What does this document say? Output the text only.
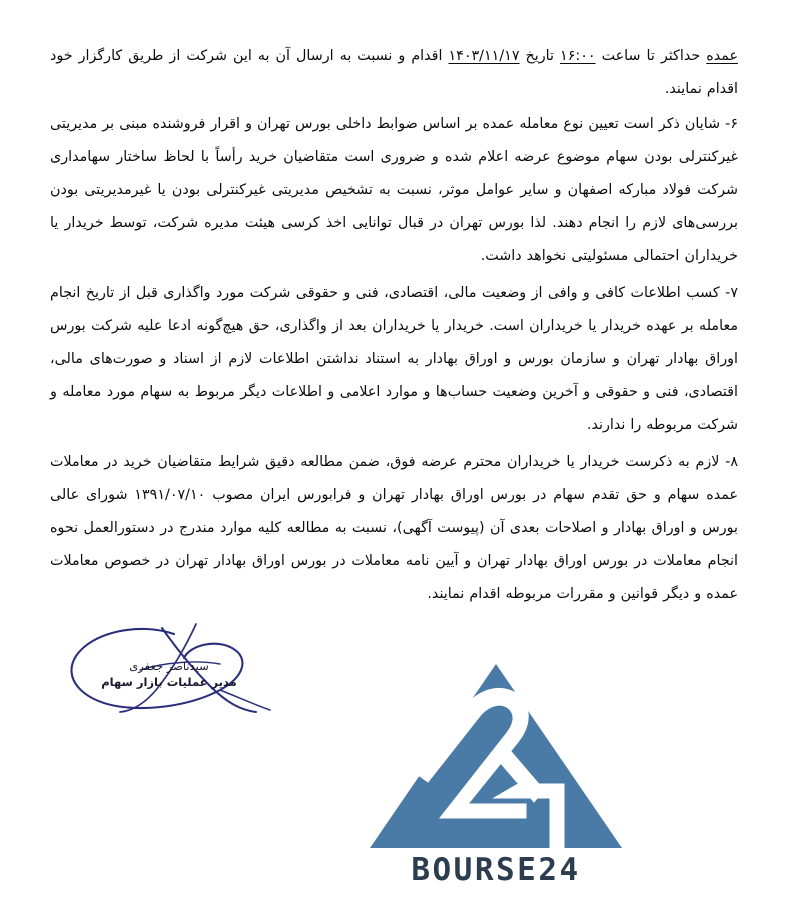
عمده حداکثر تا ساعت ۱۶:۰۰ تاریخ ۱۴۰۳/۱۱/۱۷ اقدام و نسبت به ارسال آن به این شرکت از طریق کارگزار خود اقدام نمایند.

۶- شایان ذکر است تعیین نوع معامله عمده بر اساس ضوابط داخلی بورس تهران و اقرار فروشنده مبنی بر مدیریتی غیرکنترلی بودن سهام موضوع عرضه اعلام شده و ضروری است متقاضیان خرید رأساً با لحاظ ساختار سهامداری شرکت فولاد مبارکه اصفهان و سایر عوامل موثر، نسبت به تشخیص مدیریتی غیرکنترلی بودن یا غیرمدیریتی بودن بررسی‌های لازم را انجام دهند. لذا بورس تهران در قبال توانایی اخذ کرسی هیئت مدیره شرکت، توسط خریدار یا خریداران احتمالی مسئولیتی نخواهد داشت.

۷- کسب اطلاعات کافی و وافی از وضعیت مالی، اقتصادی، فنی و حقوقی شرکت مورد واگذاری قبل از تاریخ انجام معامله بر عهده خریدار یا خریداران است. خریدار یا خریداران بعد از واگذاری، حق هیچ‌گونه ادعا علیه شرکت بورس اوراق بهادار تهران و سازمان بورس و اوراق بهادار به استناد نداشتن اطلاعات لازم از اسناد و صورت‌های مالی، اقتصادی، فنی و حقوقی و آخرین وضعیت حساب‌ها و موارد اعلامی و اطلاعات دیگر مربوط به سهام مورد معامله و شرکت مربوطه را ندارند.

۸- لازم به ذکرست خریدار یا خریداران محترم عرضه فوق، ضمن مطالعه دقیق شرایط متقاضیان خرید در معاملات عمده سهام و حق تقدم سهام در بورس اوراق بهادار تهران و فرابورس ایران مصوب ۱۳۹۱/۰۷/۱۰ شورای عالی بورس و اوراق بهادار و اصلاحات بعدی آن (پیوست آگهی)، نسبت به مطالعه کلیه موارد مندرج در دستورالعمل نحوه انجام معاملات در بورس اوراق بهادار تهران و آیین نامه معاملات در بورس اوراق بهادار تهران در خصوص معاملات عمده و دیگر قوانین و مقررات مربوطه اقدام نمایند.

سیدناصر جعفری
مدیر عملیات بازار سهام
BOURSE24
